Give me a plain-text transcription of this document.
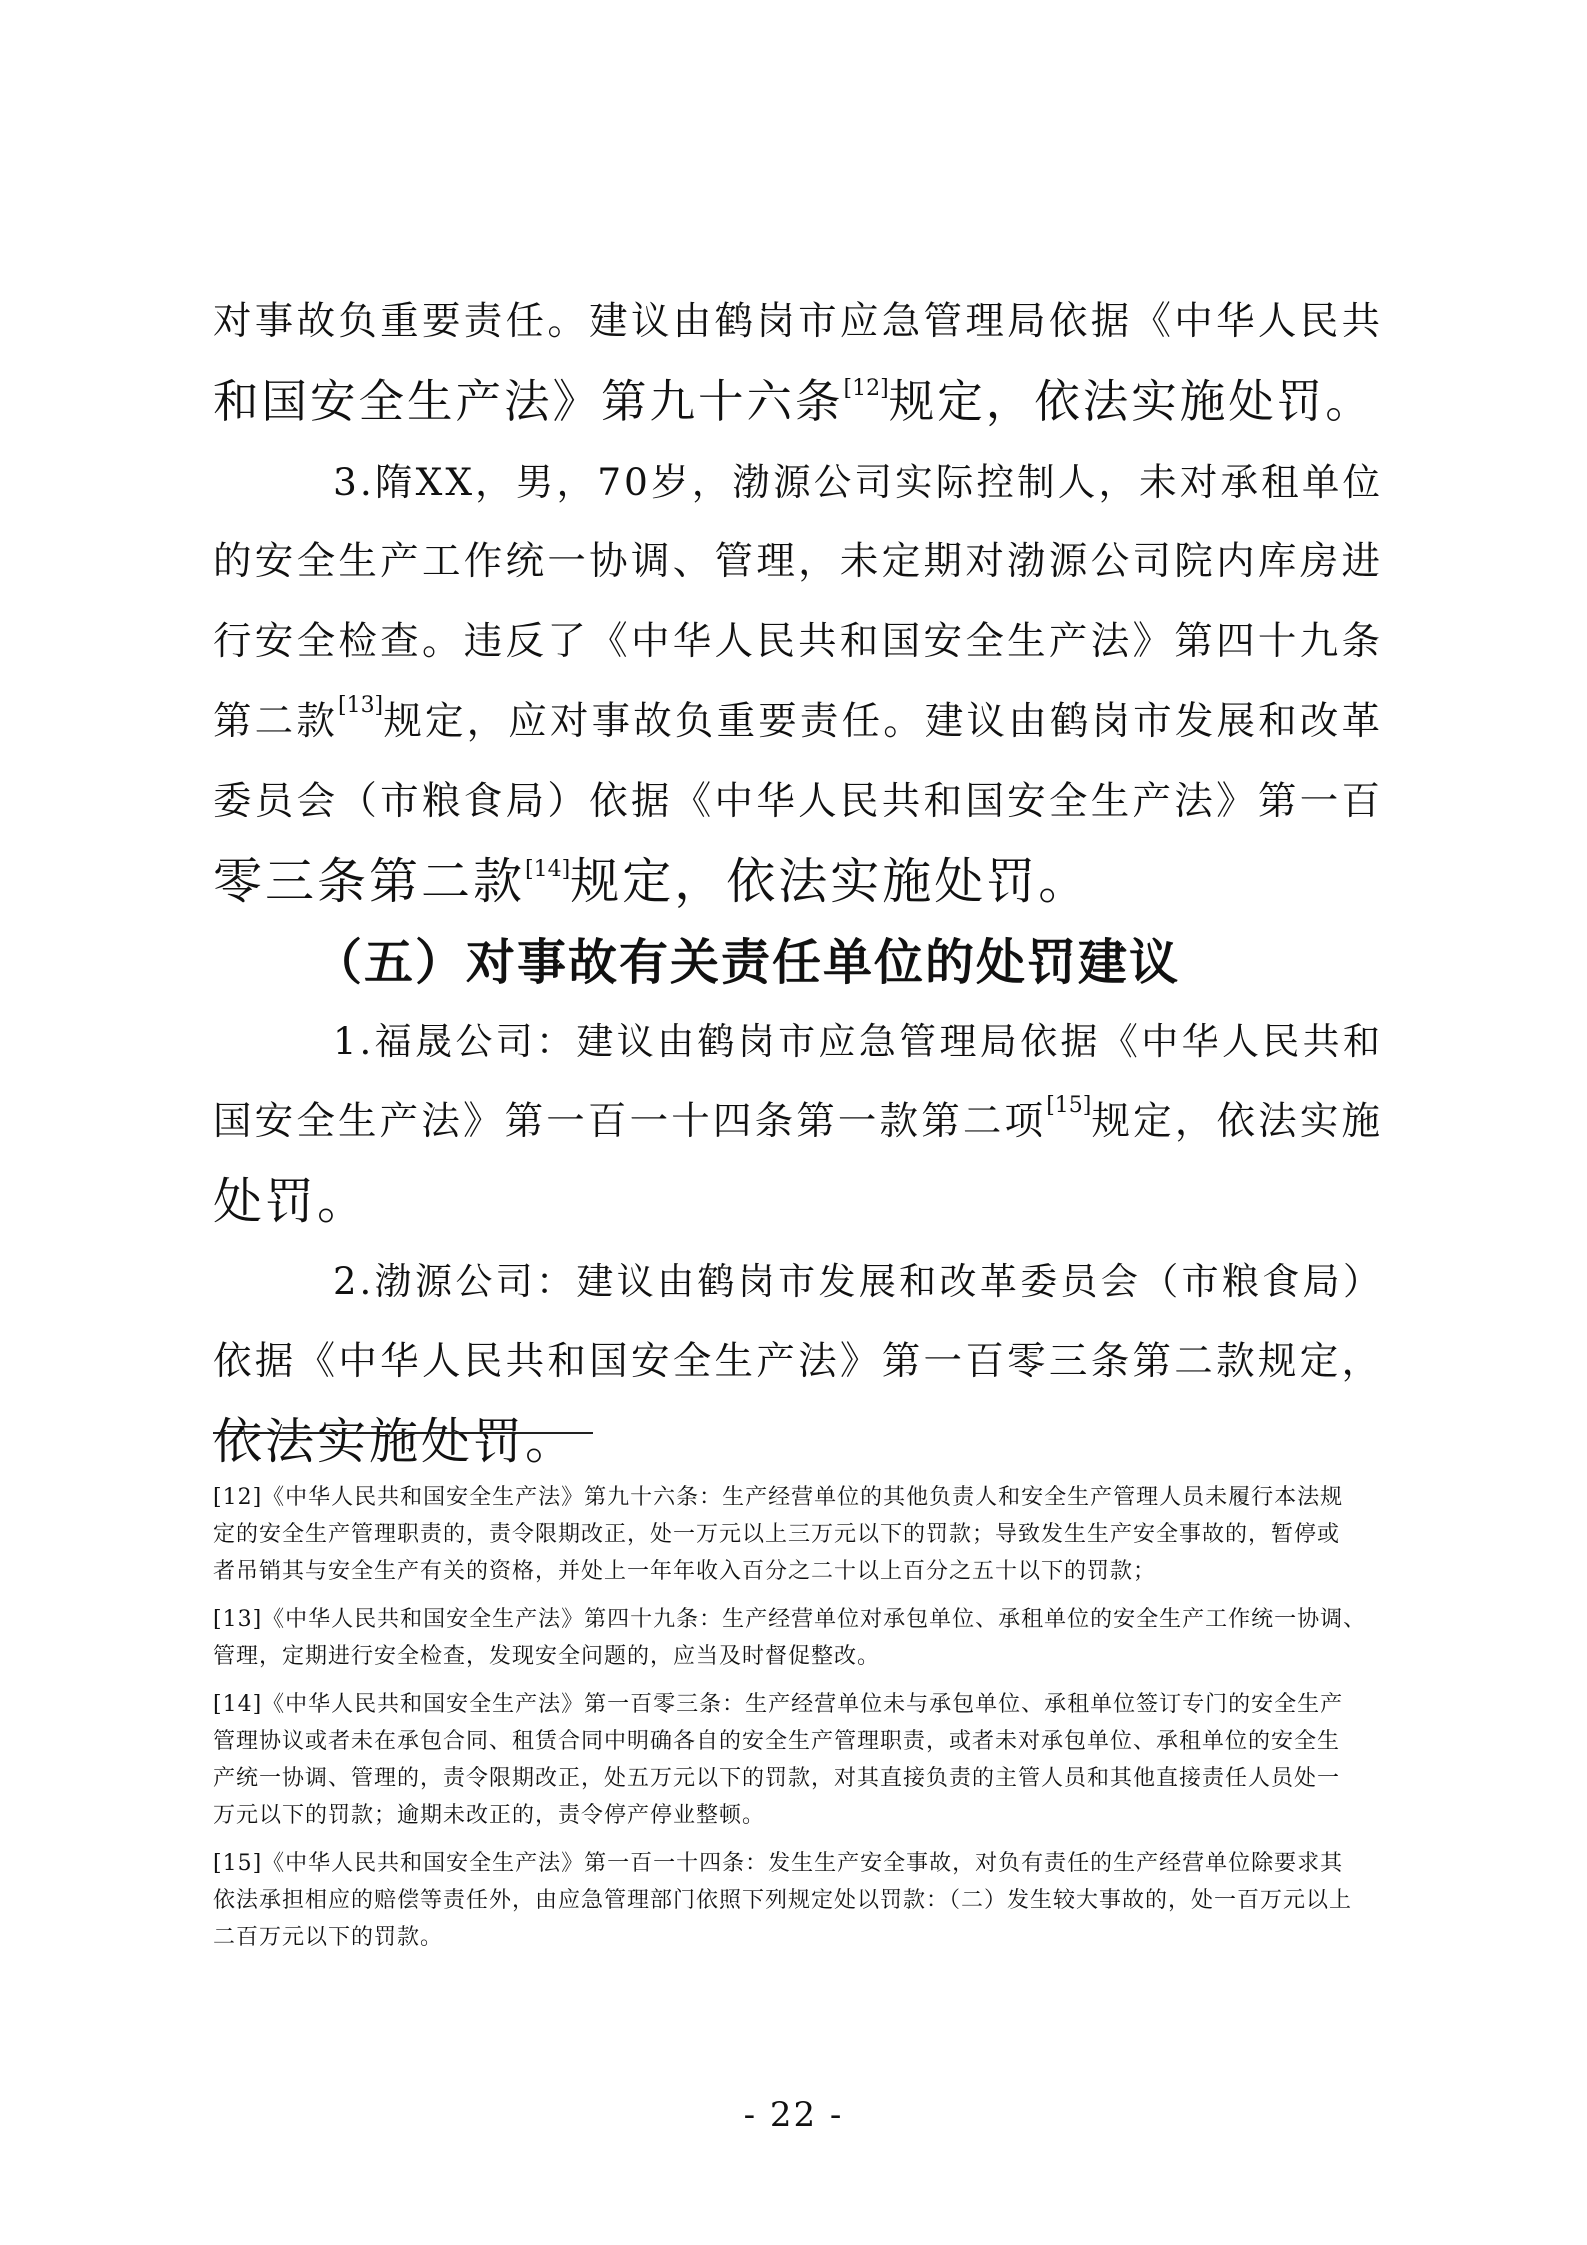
对事故负重要责任。建议由鹤岗市应急管理局依据《中华人民共
和国安全生产法》第九十六条[12]规定，依法实施处罚。
3.隋XX，男，70岁，渤源公司实际控制人，未对承租单位
的安全生产工作统一协调、管理，未定期对渤源公司院内库房进
行安全检查。违反了《中华人民共和国安全生产法》第四十九条
第二款[13]规定，应对事故负重要责任。建议由鹤岗市发展和改革
委员会（市粮食局）依据《中华人民共和国安全生产法》第一百
零三条第二款[14]规定，依法实施处罚。
（五）对事故有关责任单位的处罚建议
1.福晟公司：建议由鹤岗市应急管理局依据《中华人民共和
国安全生产法》第一百一十四条第一款第二项[15]规定，依法实施
处罚。
2.渤源公司：建议由鹤岗市发展和改革委员会（市粮食局）
依据《中华人民共和国安全生产法》第一百零三条第二款规定，
依法实施处罚。
[12]《中华人民共和国安全生产法》第九十六条：生产经营单位的其他负责人和安全生产管理人员未履行本法规
定的安全生产管理职责的，责令限期改正，处一万元以上三万元以下的罚款；导致发生生产安全事故的，暂停或
者吊销其与安全生产有关的资格，并处上一年年收入百分之二十以上百分之五十以下的罚款；
[13]《中华人民共和国安全生产法》第四十九条：生产经营单位对承包单位、承租单位的安全生产工作统一协调、
管理，定期进行安全检查，发现安全问题的，应当及时督促整改。
[14]《中华人民共和国安全生产法》第一百零三条：生产经营单位未与承包单位、承租单位签订专门的安全生产
管理协议或者未在承包合同、租赁合同中明确各自的安全生产管理职责，或者未对承包单位、承租单位的安全生
产统一协调、管理的，责令限期改正，处五万元以下的罚款，对其直接负责的主管人员和其他直接责任人员处一
万元以下的罚款；逾期未改正的，责令停产停业整顿。
[15]《中华人民共和国安全生产法》第一百一十四条：发生生产安全事故，对负有责任的生产经营单位除要求其
依法承担相应的赔偿等责任外，由应急管理部门依照下列规定处以罚款：（二）发生较大事故的，处一百万元以上
二百万元以下的罚款。
- 22 -
